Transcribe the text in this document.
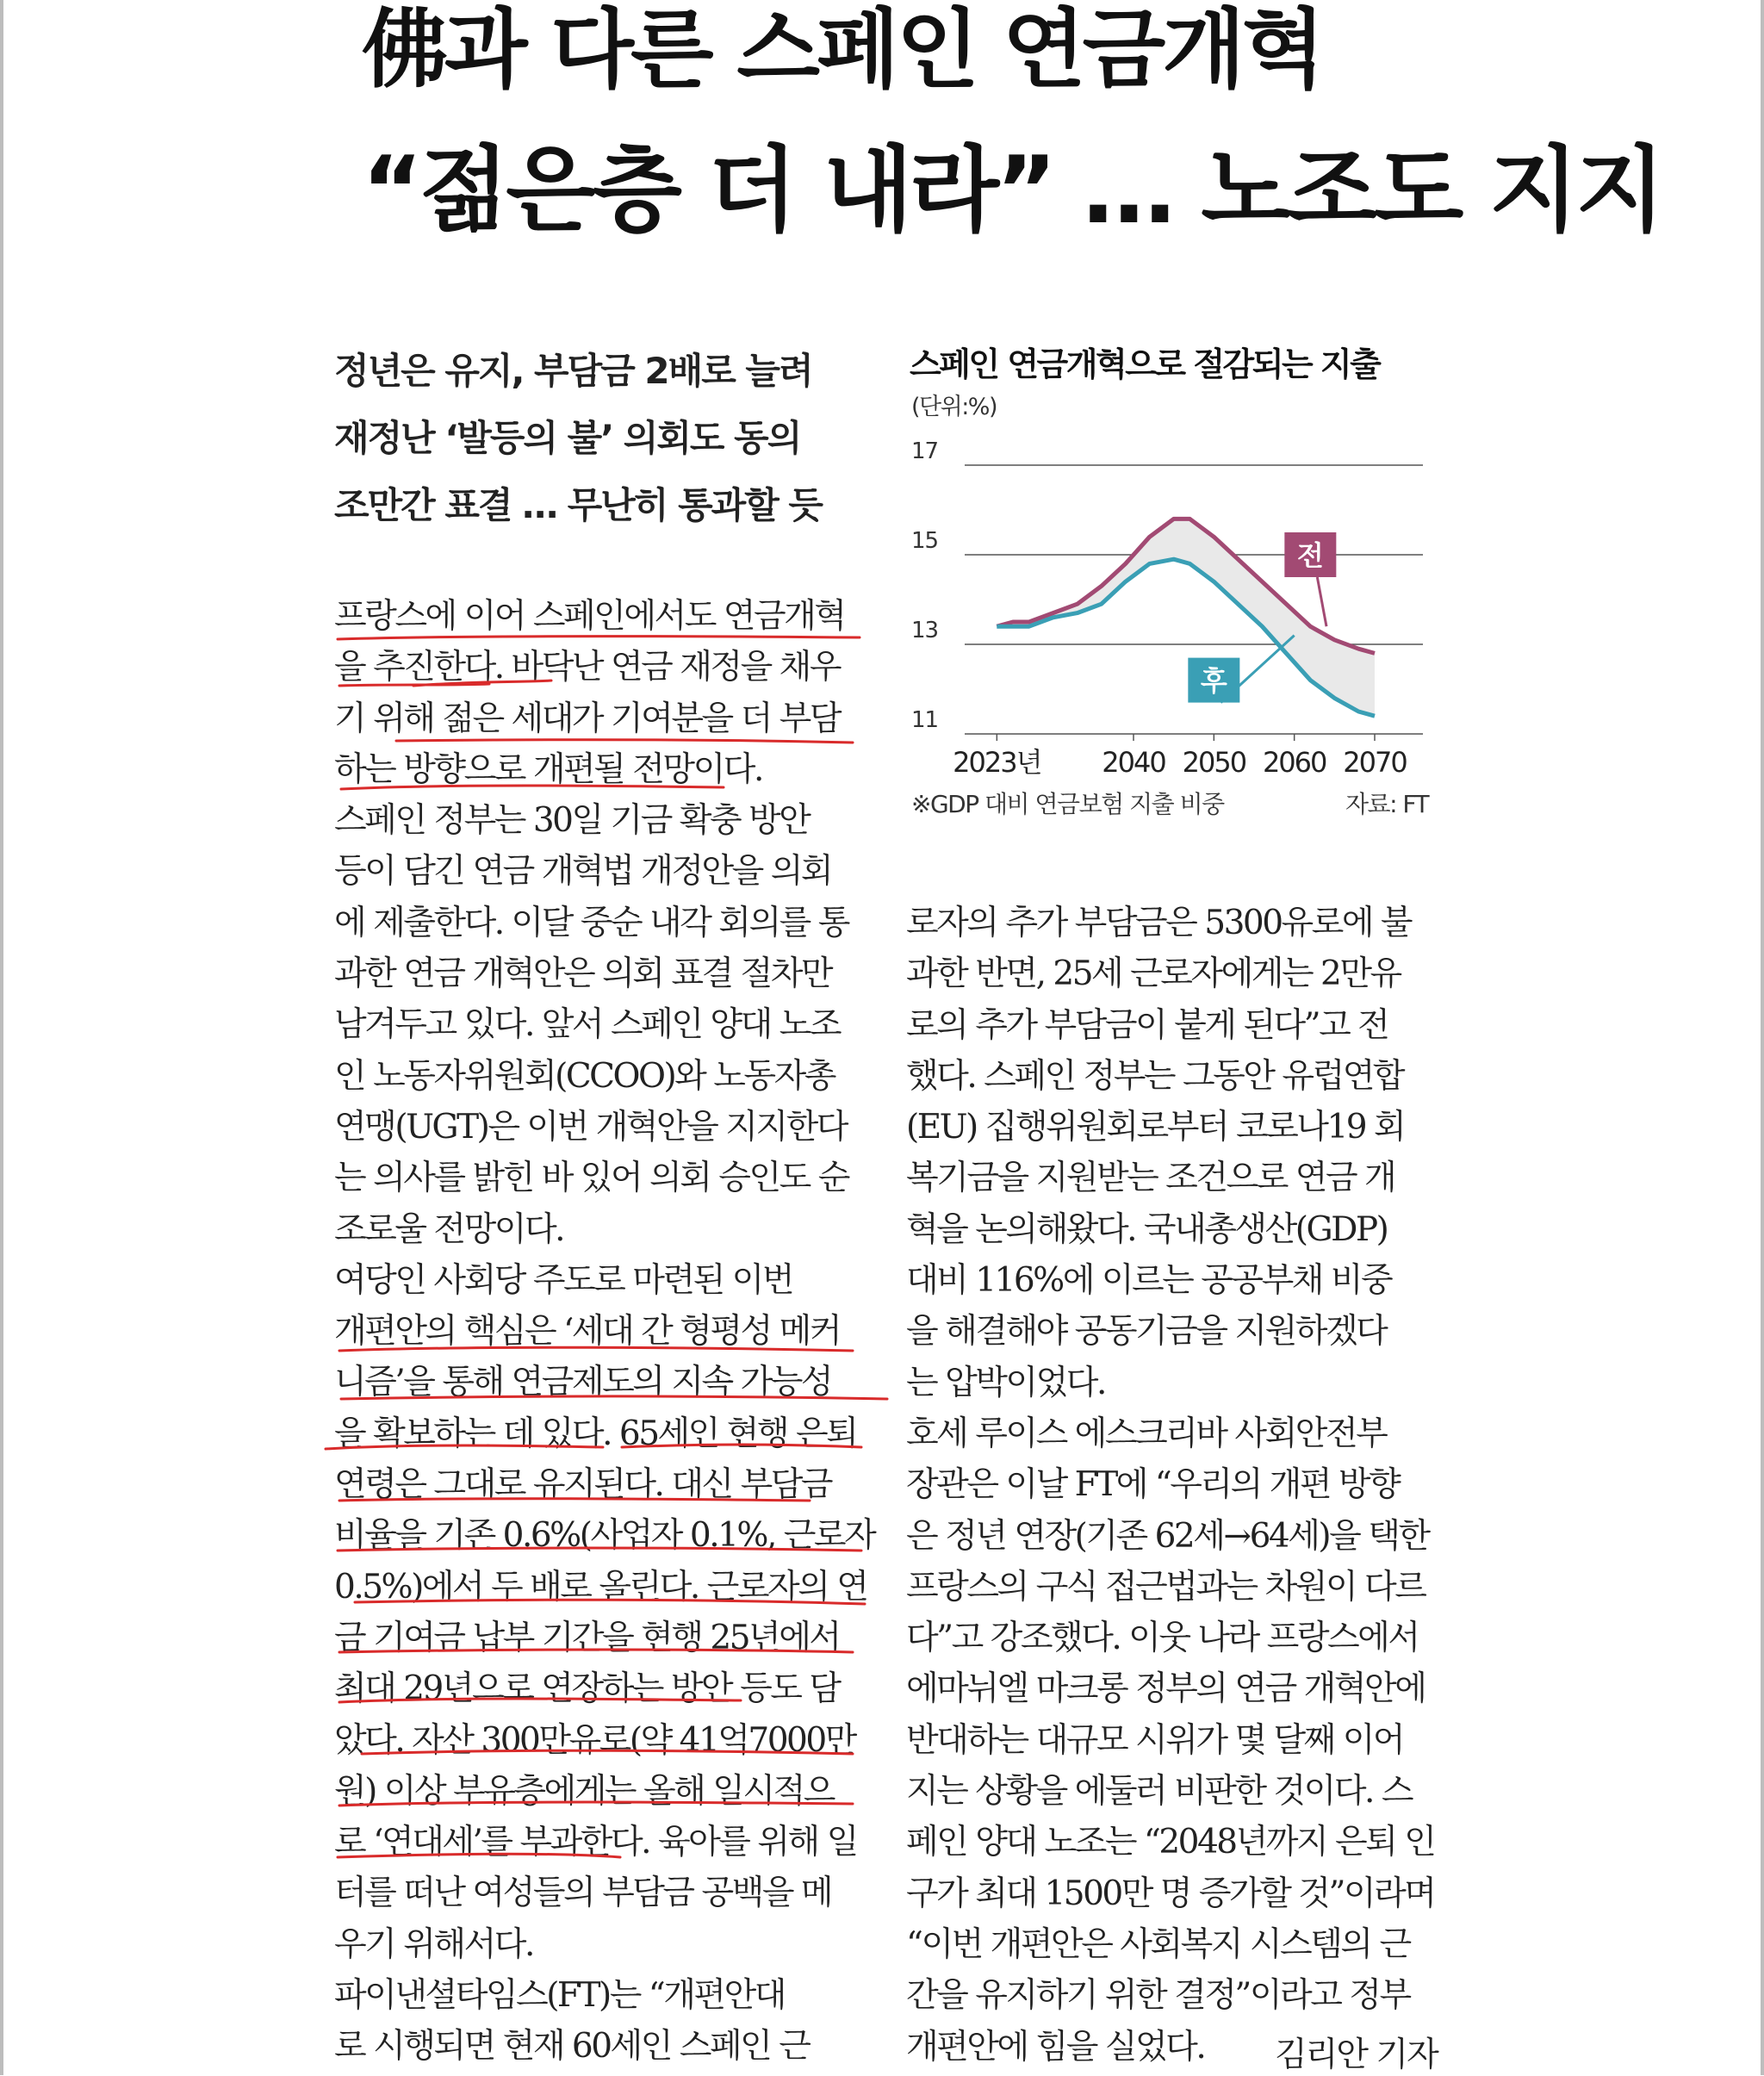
佛과 다른 스페인 연금개혁
“젊은층 더 내라” … 노조도 지지
정년은 유지, 부담금 2배로 늘려
재정난 ‘발등의 불’ 의회도 동의
조만간 표결 … 무난히 통과할 듯

프랑스에 이어 스페인에서도 연금개혁
을 추진한다. 바닥난 연금 재정을 채우
기 위해 젊은 세대가 기여분을 더 부담
하는 방향으로 개편될 전망이다.

스페인 정부는 30일 기금 확충 방안
등이 담긴 연금 개혁법 개정안을 의회
에 제출한다. 이달 중순 내각 회의를 통
과한 연금 개혁안은 의회 표결 절차만
남겨두고 있다. 앞서 스페인 양대 노조
인 노동자위원회(CCOO)와 노동자총
연맹(UGT)은 이번 개혁안을 지지한다
는 의사를 밝힌 바 있어 의회 승인도 순
조로울 전망이다.

여당인 사회당 주도로 마련된 이번
개편안의 핵심은 ‘세대 간 형평성 메커
니즘’을 통해 연금제도의 지속 가능성
을 확보하는 데 있다. 65세인 현행 은퇴
연령은 그대로 유지된다. 대신 부담금
비율을 기존 0.6%(사업자 0.1%, 근로자
0.5%)에서 두 배로 올린다. 근로자의 연
금 기여금 납부 기간을 현행 25년에서
최대 29년으로 연장하는 방안 등도 담
았다. 자산 300만유로(약 41억7000만
원) 이상 부유층에게는 올해 일시적으
로 ‘연대세’를 부과한다. 육아를 위해 일
터를 떠난 여성들의 부담금 공백을 메
우기 위해서다.

파이낸셜타임스(FT)는 “개편안대
로 시행되면 현재 60세인 스페인 근

로자의 추가 부담금은 5300유로에 불
과한 반면, 25세 근로자에게는 2만유
로의 추가 부담금이 붙게 된다”고 전
했다. 스페인 정부는 그동안 유럽연합
(EU) 집행위원회로부터 코로나19 회
복기금을 지원받는 조건으로 연금 개
혁을 논의해왔다. 국내총생산(GDP)
대비 116%에 이르는 공공부채 비중
을 해결해야 공동기금을 지원하겠다
는 압박이었다.

호세 루이스 에스크리바 사회안전부
장관은 이날 FT에 “우리의 개편 방향
은 정년 연장(기존 62세→64세)을 택한
프랑스의 구식 접근법과는 차원이 다르
다”고 강조했다. 이웃 나라 프랑스에서
에마뉘엘 마크롱 정부의 연금 개혁안에
반대하는 대규모 시위가 몇 달째 이어
지는 상황을 에둘러 비판한 것이다. 스
페인 양대 노조는 “2048년까지 은퇴 인
구가 최대 1500만 명 증가할 것”이라며
“이번 개편안은 사회복지 시스템의 근
간을 유지하기 위한 결정”이라고 정부
개편안에 힘을 실었다.	김리안 기자
스페인 연금개혁으로 절감되는 지출
(단위:%)
11
13
15
17
2023년 2040 2050 2060 2070
전
후
※GDP 대비 연금보험 지출 비중	자료: FT
